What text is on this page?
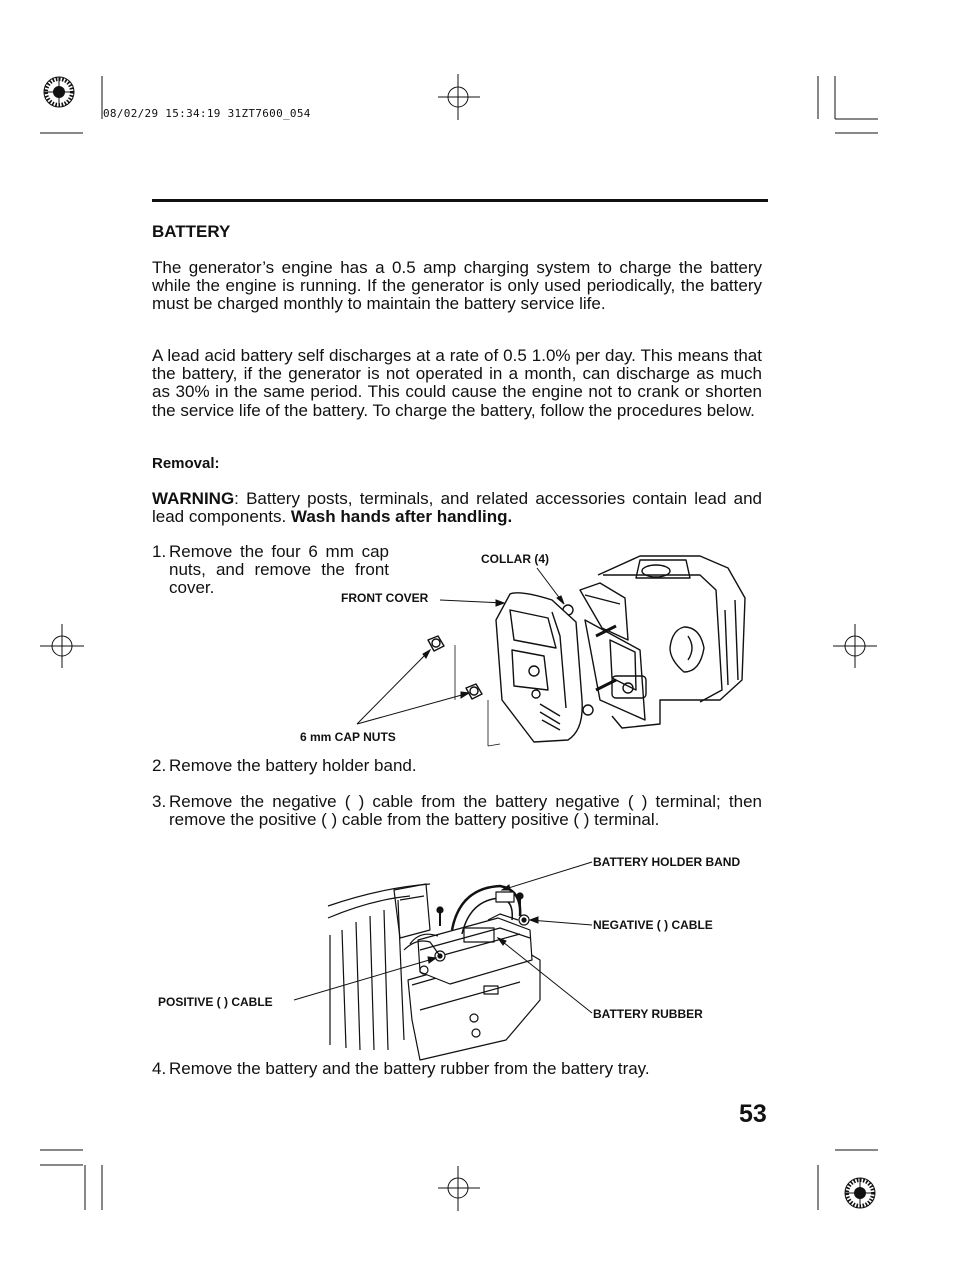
08/02/29 15:34:19 31ZT7600_054
BATTERY
The generator’s engine has a 0.5 amp charging system to charge the battery while the engine is running. If the generator is only used periodically, the battery must be charged monthly to maintain the battery service life.
A lead acid battery self discharges at a rate of 0.5 1.0% per day. This means that the battery, if the generator is not operated in a month, can discharge as much as 30% in the same period. This could cause the engine not to crank or shorten the service life of the battery. To charge the battery, follow the procedures below.
Removal:
WARNING: Battery posts, terminals, and related accessories contain lead and lead components. Wash hands after handling.
1. Remove the four 6 mm cap nuts, and remove the front cover.
COLLAR (4)
FRONT COVER
6 mm CAP NUTS
2. Remove the battery holder band.
3. Remove the negative ( ) cable from the battery negative ( ) terminal; then remove the positive ( ) cable from the battery positive ( ) terminal.
BATTERY HOLDER BAND
NEGATIVE ( ) CABLE
POSITIVE ( ) CABLE
BATTERY RUBBER
4. Remove the battery and the battery rubber from the battery tray.
53
